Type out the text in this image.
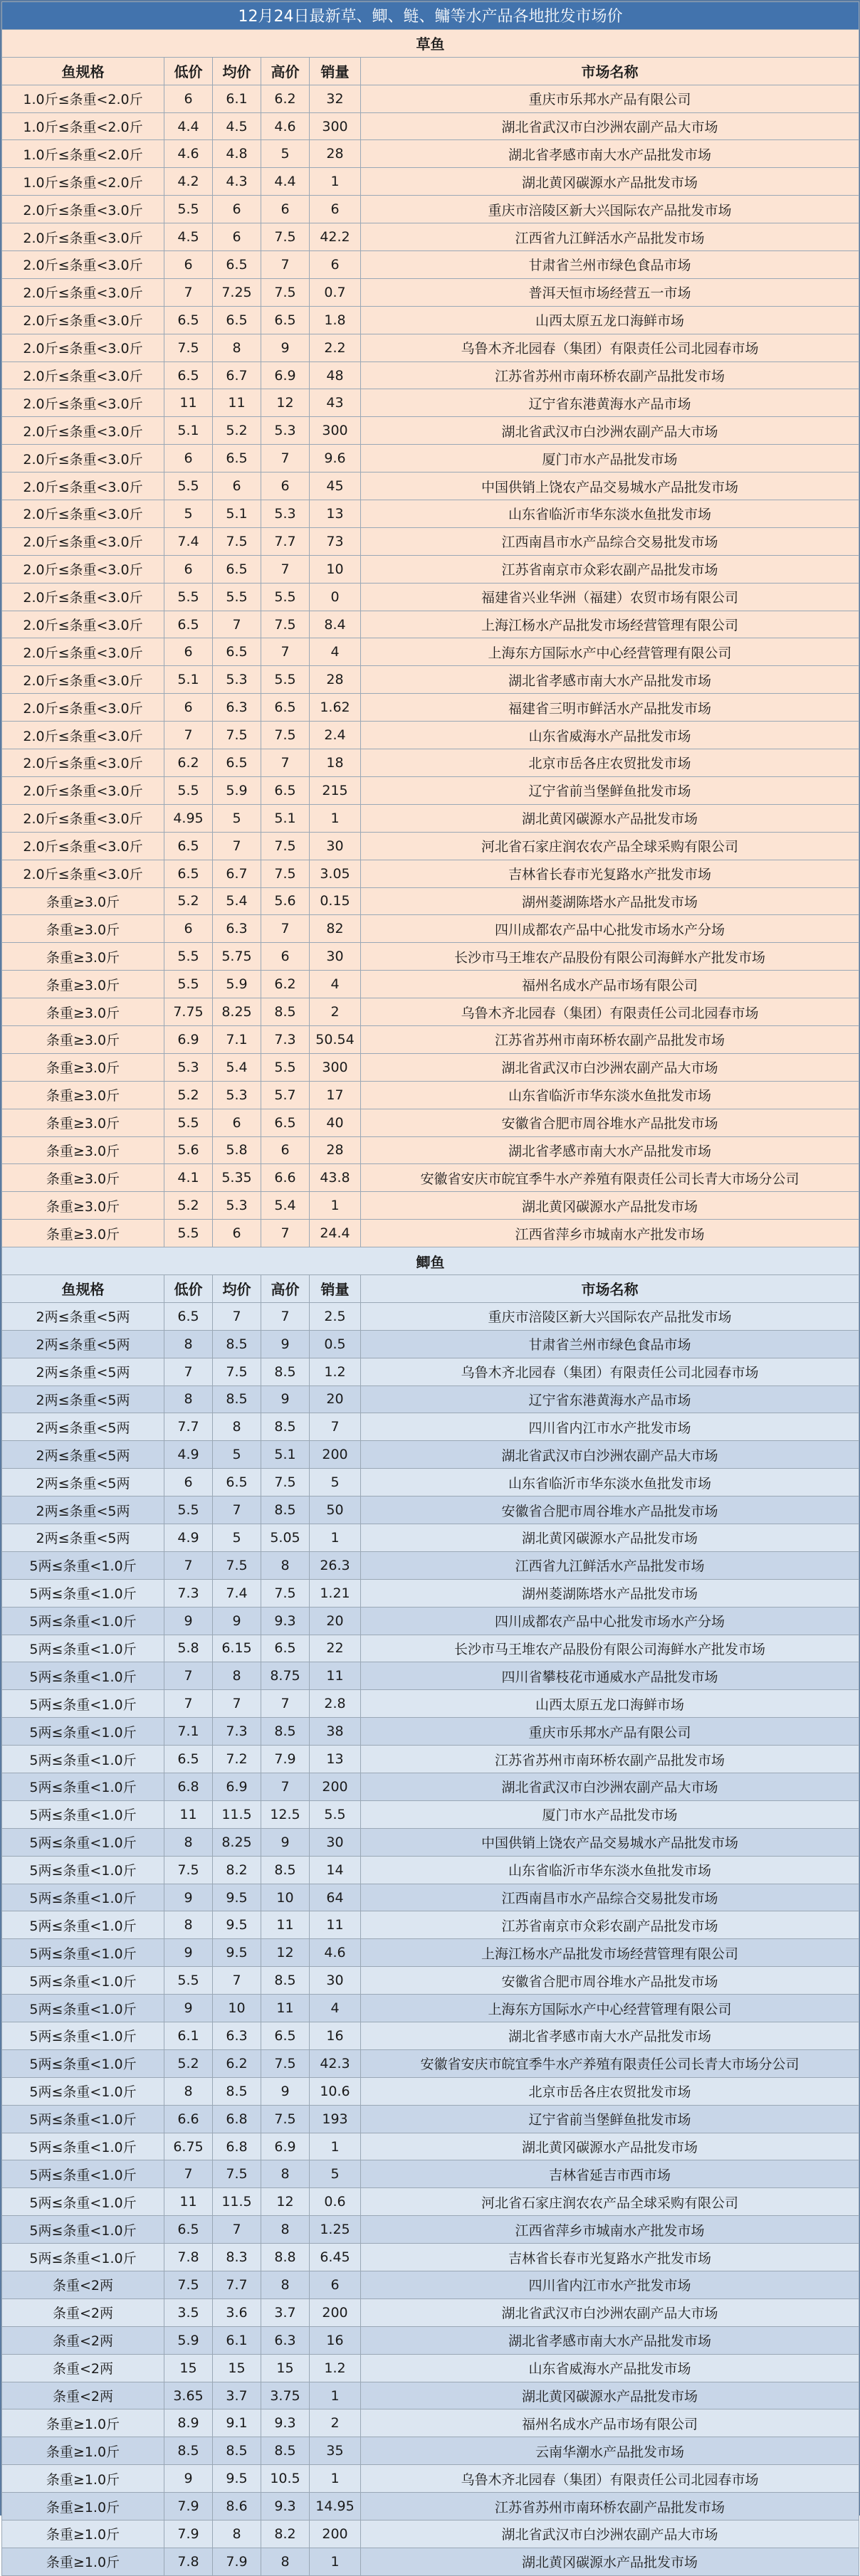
12月24日最新草、鲫、鲢、鳙等水产品各地批发市场价					
草鱼					
鱼规格	低价	均价	高价	销量	市场名称
1.0斤≤条重<2.0斤	6	6.1	6.2	32	重庆市乐邦水产品有限公司
1.0斤≤条重<2.0斤	4.4	4.5	4.6	300	湖北省武汉市白沙洲农副产品大市场
1.0斤≤条重<2.0斤	4.6	4.8	5	28	湖北省孝感市南大水产品批发市场
1.0斤≤条重<2.0斤	4.2	4.3	4.4	1	湖北黄冈碳源水产品批发市场
2.0斤≤条重<3.0斤	5.5	6	6	6	重庆市涪陵区新大兴国际农产品批发市场
2.0斤≤条重<3.0斤	4.5	6	7.5	42.2	江西省九江鲜活水产品批发市场
2.0斤≤条重<3.0斤	6	6.5	7	6	甘肃省兰州市绿色食品市场
2.0斤≤条重<3.0斤	7	7.25	7.5	0.7	普洱天恒市场经营五一市场
2.0斤≤条重<3.0斤	6.5	6.5	6.5	1.8	山西太原五龙口海鲜市场
2.0斤≤条重<3.0斤	7.5	8	9	2.2	乌鲁木齐北园春（集团）有限责任公司北园春市场
2.0斤≤条重<3.0斤	6.5	6.7	6.9	48	江苏省苏州市南环桥农副产品批发市场
2.0斤≤条重<3.0斤	11	11	12	43	辽宁省东港黄海水产品市场
2.0斤≤条重<3.0斤	5.1	5.2	5.3	300	湖北省武汉市白沙洲农副产品大市场
2.0斤≤条重<3.0斤	6	6.5	7	9.6	厦门市水产品批发市场
2.0斤≤条重<3.0斤	5.5	6	6	45	中国供销上饶农产品交易城水产品批发市场
2.0斤≤条重<3.0斤	5	5.1	5.3	13	山东省临沂市华东淡水鱼批发市场
2.0斤≤条重<3.0斤	7.4	7.5	7.7	73	江西南昌市水产品综合交易批发市场
2.0斤≤条重<3.0斤	6	6.5	7	10	江苏省南京市众彩农副产品批发市场
2.0斤≤条重<3.0斤	5.5	5.5	5.5	0	福建省兴业华洲（福建）农贸市场有限公司
2.0斤≤条重<3.0斤	6.5	7	7.5	8.4	上海江杨水产品批发市场经营管理有限公司
2.0斤≤条重<3.0斤	6	6.5	7	4	上海东方国际水产中心经营管理有限公司
2.0斤≤条重<3.0斤	5.1	5.3	5.5	28	湖北省孝感市南大水产品批发市场
2.0斤≤条重<3.0斤	6	6.3	6.5	1.62	福建省三明市鲜活水产品批发市场
2.0斤≤条重<3.0斤	7	7.5	7.5	2.4	山东省威海水产品批发市场
2.0斤≤条重<3.0斤	6.2	6.5	7	18	北京市岳各庄农贸批发市场
2.0斤≤条重<3.0斤	5.5	5.9	6.5	215	辽宁省前当堡鲜鱼批发市场
2.0斤≤条重<3.0斤	4.95	5	5.1	1	湖北黄冈碳源水产品批发市场
2.0斤≤条重<3.0斤	6.5	7	7.5	30	河北省石家庄润农农产品全球采购有限公司
2.0斤≤条重<3.0斤	6.5	6.7	7.5	3.05	吉林省长春市光复路水产批发市场
条重≥3.0斤	5.2	5.4	5.6	0.15	湖州菱湖陈塔水产品批发市场
条重≥3.0斤	6	6.3	7	82	四川成都农产品中心批发市场水产分场
条重≥3.0斤	5.5	5.75	6	30	长沙市马王堆农产品股份有限公司海鲜水产批发市场
条重≥3.0斤	5.5	5.9	6.2	4	福州名成水产品市场有限公司
条重≥3.0斤	7.75	8.25	8.5	2	乌鲁木齐北园春（集团）有限责任公司北园春市场
条重≥3.0斤	6.9	7.1	7.3	50.54	江苏省苏州市南环桥农副产品批发市场
条重≥3.0斤	5.3	5.4	5.5	300	湖北省武汉市白沙洲农副产品大市场
条重≥3.0斤	5.2	5.3	5.7	17	山东省临沂市华东淡水鱼批发市场
条重≥3.0斤	5.5	6	6.5	40	安徽省合肥市周谷堆水产品批发市场
条重≥3.0斤	5.6	5.8	6	28	湖北省孝感市南大水产品批发市场
条重≥3.0斤	4.1	5.35	6.6	43.8	安徽省安庆市皖宜季牛水产养殖有限责任公司长青大市场分公司
条重≥3.0斤	5.2	5.3	5.4	1	湖北黄冈碳源水产品批发市场
条重≥3.0斤	5.5	6	7	24.4	江西省萍乡市城南水产批发市场
鲫鱼					
鱼规格	低价	均价	高价	销量	市场名称
2两≤条重<5两	6.5	7	7	2.5	重庆市涪陵区新大兴国际农产品批发市场
2两≤条重<5两	8	8.5	9	0.5	甘肃省兰州市绿色食品市场
2两≤条重<5两	7	7.5	8.5	1.2	乌鲁木齐北园春（集团）有限责任公司北园春市场
2两≤条重<5两	8	8.5	9	20	辽宁省东港黄海水产品市场
2两≤条重<5两	7.7	8	8.5	7	四川省内江市水产批发市场
2两≤条重<5两	4.9	5	5.1	200	湖北省武汉市白沙洲农副产品大市场
2两≤条重<5两	6	6.5	7.5	5	山东省临沂市华东淡水鱼批发市场
2两≤条重<5两	5.5	7	8.5	50	安徽省合肥市周谷堆水产品批发市场
2两≤条重<5两	4.9	5	5.05	1	湖北黄冈碳源水产品批发市场
5两≤条重<1.0斤	7	7.5	8	26.3	江西省九江鲜活水产品批发市场
5两≤条重<1.0斤	7.3	7.4	7.5	1.21	湖州菱湖陈塔水产品批发市场
5两≤条重<1.0斤	9	9	9.3	20	四川成都农产品中心批发市场水产分场
5两≤条重<1.0斤	5.8	6.15	6.5	22	长沙市马王堆农产品股份有限公司海鲜水产批发市场
5两≤条重<1.0斤	7	8	8.75	11	四川省攀枝花市通威水产品批发市场
5两≤条重<1.0斤	7	7	7	2.8	山西太原五龙口海鲜市场
5两≤条重<1.0斤	7.1	7.3	8.5	38	重庆市乐邦水产品有限公司
5两≤条重<1.0斤	6.5	7.2	7.9	13	江苏省苏州市南环桥农副产品批发市场
5两≤条重<1.0斤	6.8	6.9	7	200	湖北省武汉市白沙洲农副产品大市场
5两≤条重<1.0斤	11	11.5	12.5	5.5	厦门市水产品批发市场
5两≤条重<1.0斤	8	8.25	9	30	中国供销上饶农产品交易城水产品批发市场
5两≤条重<1.0斤	7.5	8.2	8.5	14	山东省临沂市华东淡水鱼批发市场
5两≤条重<1.0斤	9	9.5	10	64	江西南昌市水产品综合交易批发市场
5两≤条重<1.0斤	8	9.5	11	11	江苏省南京市众彩农副产品批发市场
5两≤条重<1.0斤	9	9.5	12	4.6	上海江杨水产品批发市场经营管理有限公司
5两≤条重<1.0斤	5.5	7	8.5	30	安徽省合肥市周谷堆水产品批发市场
5两≤条重<1.0斤	9	10	11	4	上海东方国际水产中心经营管理有限公司
5两≤条重<1.0斤	6.1	6.3	6.5	16	湖北省孝感市南大水产品批发市场
5两≤条重<1.0斤	5.2	6.2	7.5	42.3	安徽省安庆市皖宜季牛水产养殖有限责任公司长青大市场分公司
5两≤条重<1.0斤	8	8.5	9	10.6	北京市岳各庄农贸批发市场
5两≤条重<1.0斤	6.6	6.8	7.5	193	辽宁省前当堡鲜鱼批发市场
5两≤条重<1.0斤	6.75	6.8	6.9	1	湖北黄冈碳源水产品批发市场
5两≤条重<1.0斤	7	7.5	8	5	吉林省延吉市西市场
5两≤条重<1.0斤	11	11.5	12	0.6	河北省石家庄润农农产品全球采购有限公司
5两≤条重<1.0斤	6.5	7	8	1.25	江西省萍乡市城南水产批发市场
5两≤条重<1.0斤	7.8	8.3	8.8	6.45	吉林省长春市光复路水产批发市场
条重<2两	7.5	7.7	8	6	四川省内江市水产批发市场
条重<2两	3.5	3.6	3.7	200	湖北省武汉市白沙洲农副产品大市场
条重<2两	5.9	6.1	6.3	16	湖北省孝感市南大水产品批发市场
条重<2两	15	15	15	1.2	山东省威海水产品批发市场
条重<2两	3.65	3.7	3.75	1	湖北黄冈碳源水产品批发市场
条重≥1.0斤	8.9	9.1	9.3	2	福州名成水产品市场有限公司
条重≥1.0斤	8.5	8.5	8.5	35	云南华潮水产品批发市场
条重≥1.0斤	9	9.5	10.5	1	乌鲁木齐北园春（集团）有限责任公司北园春市场
条重≥1.0斤	7.9	8.6	9.3	14.95	江苏省苏州市南环桥农副产品批发市场
条重≥1.0斤	7.9	8	8.2	200	湖北省武汉市白沙洲农副产品大市场
条重≥1.0斤	7.8	7.9	8	1	湖北黄冈碳源水产品批发市场
